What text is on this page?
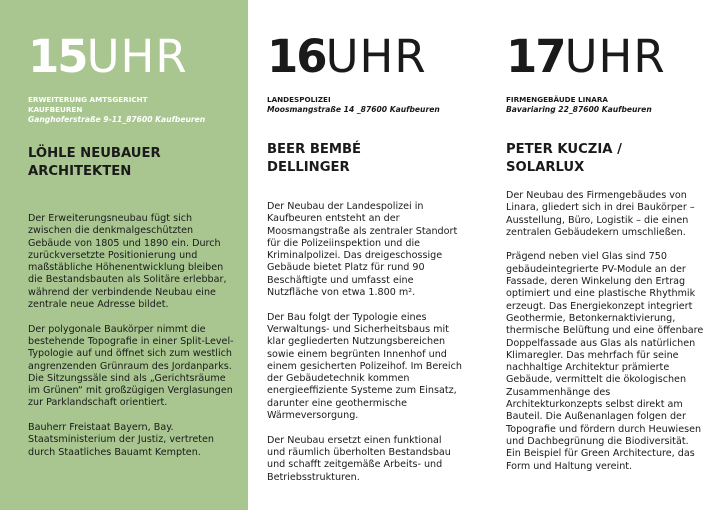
15UHR
ERWEITERUNG AMTSGERICHT
KAUFBEUREN
Ganghoferstraße 9-11_87600 Kaufbeuren
LÖHLE NEUBAUER
ARCHITEKTEN

Der Erweiterungsneubau fügt sich zwischen die denkmalgeschützten Gebäude von 1805 und 1890 ein. Durch zurückversetzte Positionierung und maßstäbliche Höhenentwicklung bleiben die Bestandsbauten als Solitäre erlebbar, während der verbindende Neubau eine zentrale neue Adresse bildet.

Der polygonale Baukörper nimmt die bestehende Topografie in einer Split-Level-Typologie auf und öffnet sich zum westlich angrenzenden Grünraum des Jordanparks. Die Sitzungssäle sind als „Gerichtsräume im Grünen“ mit großzügigen Verglasungen zur Parklandschaft orientiert.

Bauherr Freistaat Bayern, Bay. Staatsministerium der Justiz, vertreten durch Staatliches Bauamt Kempten.

16UHR
LANDESPOLIZEI
Moosmangstraße 14 _87600 Kaufbeuren
BEER BEMBÉ
DELLINGER

Der Neubau der Landespolizei in Kaufbeuren entsteht an der Moosmangstraße als zentraler Standort für die Polizeiinspektion und die Kriminalpolizei. Das dreigeschossige Gebäude bietet Platz für rund 90 Beschäftigte und umfasst eine Nutzfläche von etwa 1.800 m².

Der Bau folgt der Typologie eines Verwaltungs- und Sicherheitsbaus mit klar gegliederten Nutzungsbereichen sowie einem begrünten Innenhof und einem gesicherten Polizeihof. Im Bereich der Gebäudetechnik kommen energieeffiziente Systeme zum Einsatz, darunter eine geothermische Wärmeversorgung.

Der Neubau ersetzt einen funktional und räumlich überholten Bestandsbau und schafft zeitgemäße Arbeits- und Betriebsstrukturen.

17UHR
FIRMENGEBÄUDE LINARA
Bavariaring 22_87600 Kaufbeuren
PETER KUCZIA /
SOLARLUX

Der Neubau des Firmengebäudes von Linara, gliedert sich in drei Baukörper – Ausstellung, Büro, Logistik – die einen zentralen Gebäudekern umschließen.

Prägend neben viel Glas sind 750 gebäudeintegrierte PV-Module an der Fassade, deren Winkelung den Ertrag optimiert und eine plastische Rhythmik erzeugt. Das Energiekonzept integriert Geothermie, Betonkernaktivierung, thermische Belüftung und eine öffenbare Doppelfassade aus Glas als natürlichen Klimaregler. Das mehrfach für seine nachhaltige Architektur prämierte Gebäude, vermittelt die ökologischen Zusammenhänge des Architekturkonzepts selbst direkt am Bauteil. Die Außenanlagen folgen der Topografie und fördern durch Heuwiesen und Dachbegrünung die Biodiversität. Ein Beispiel für Green Architecture, das Form und Haltung vereint.
